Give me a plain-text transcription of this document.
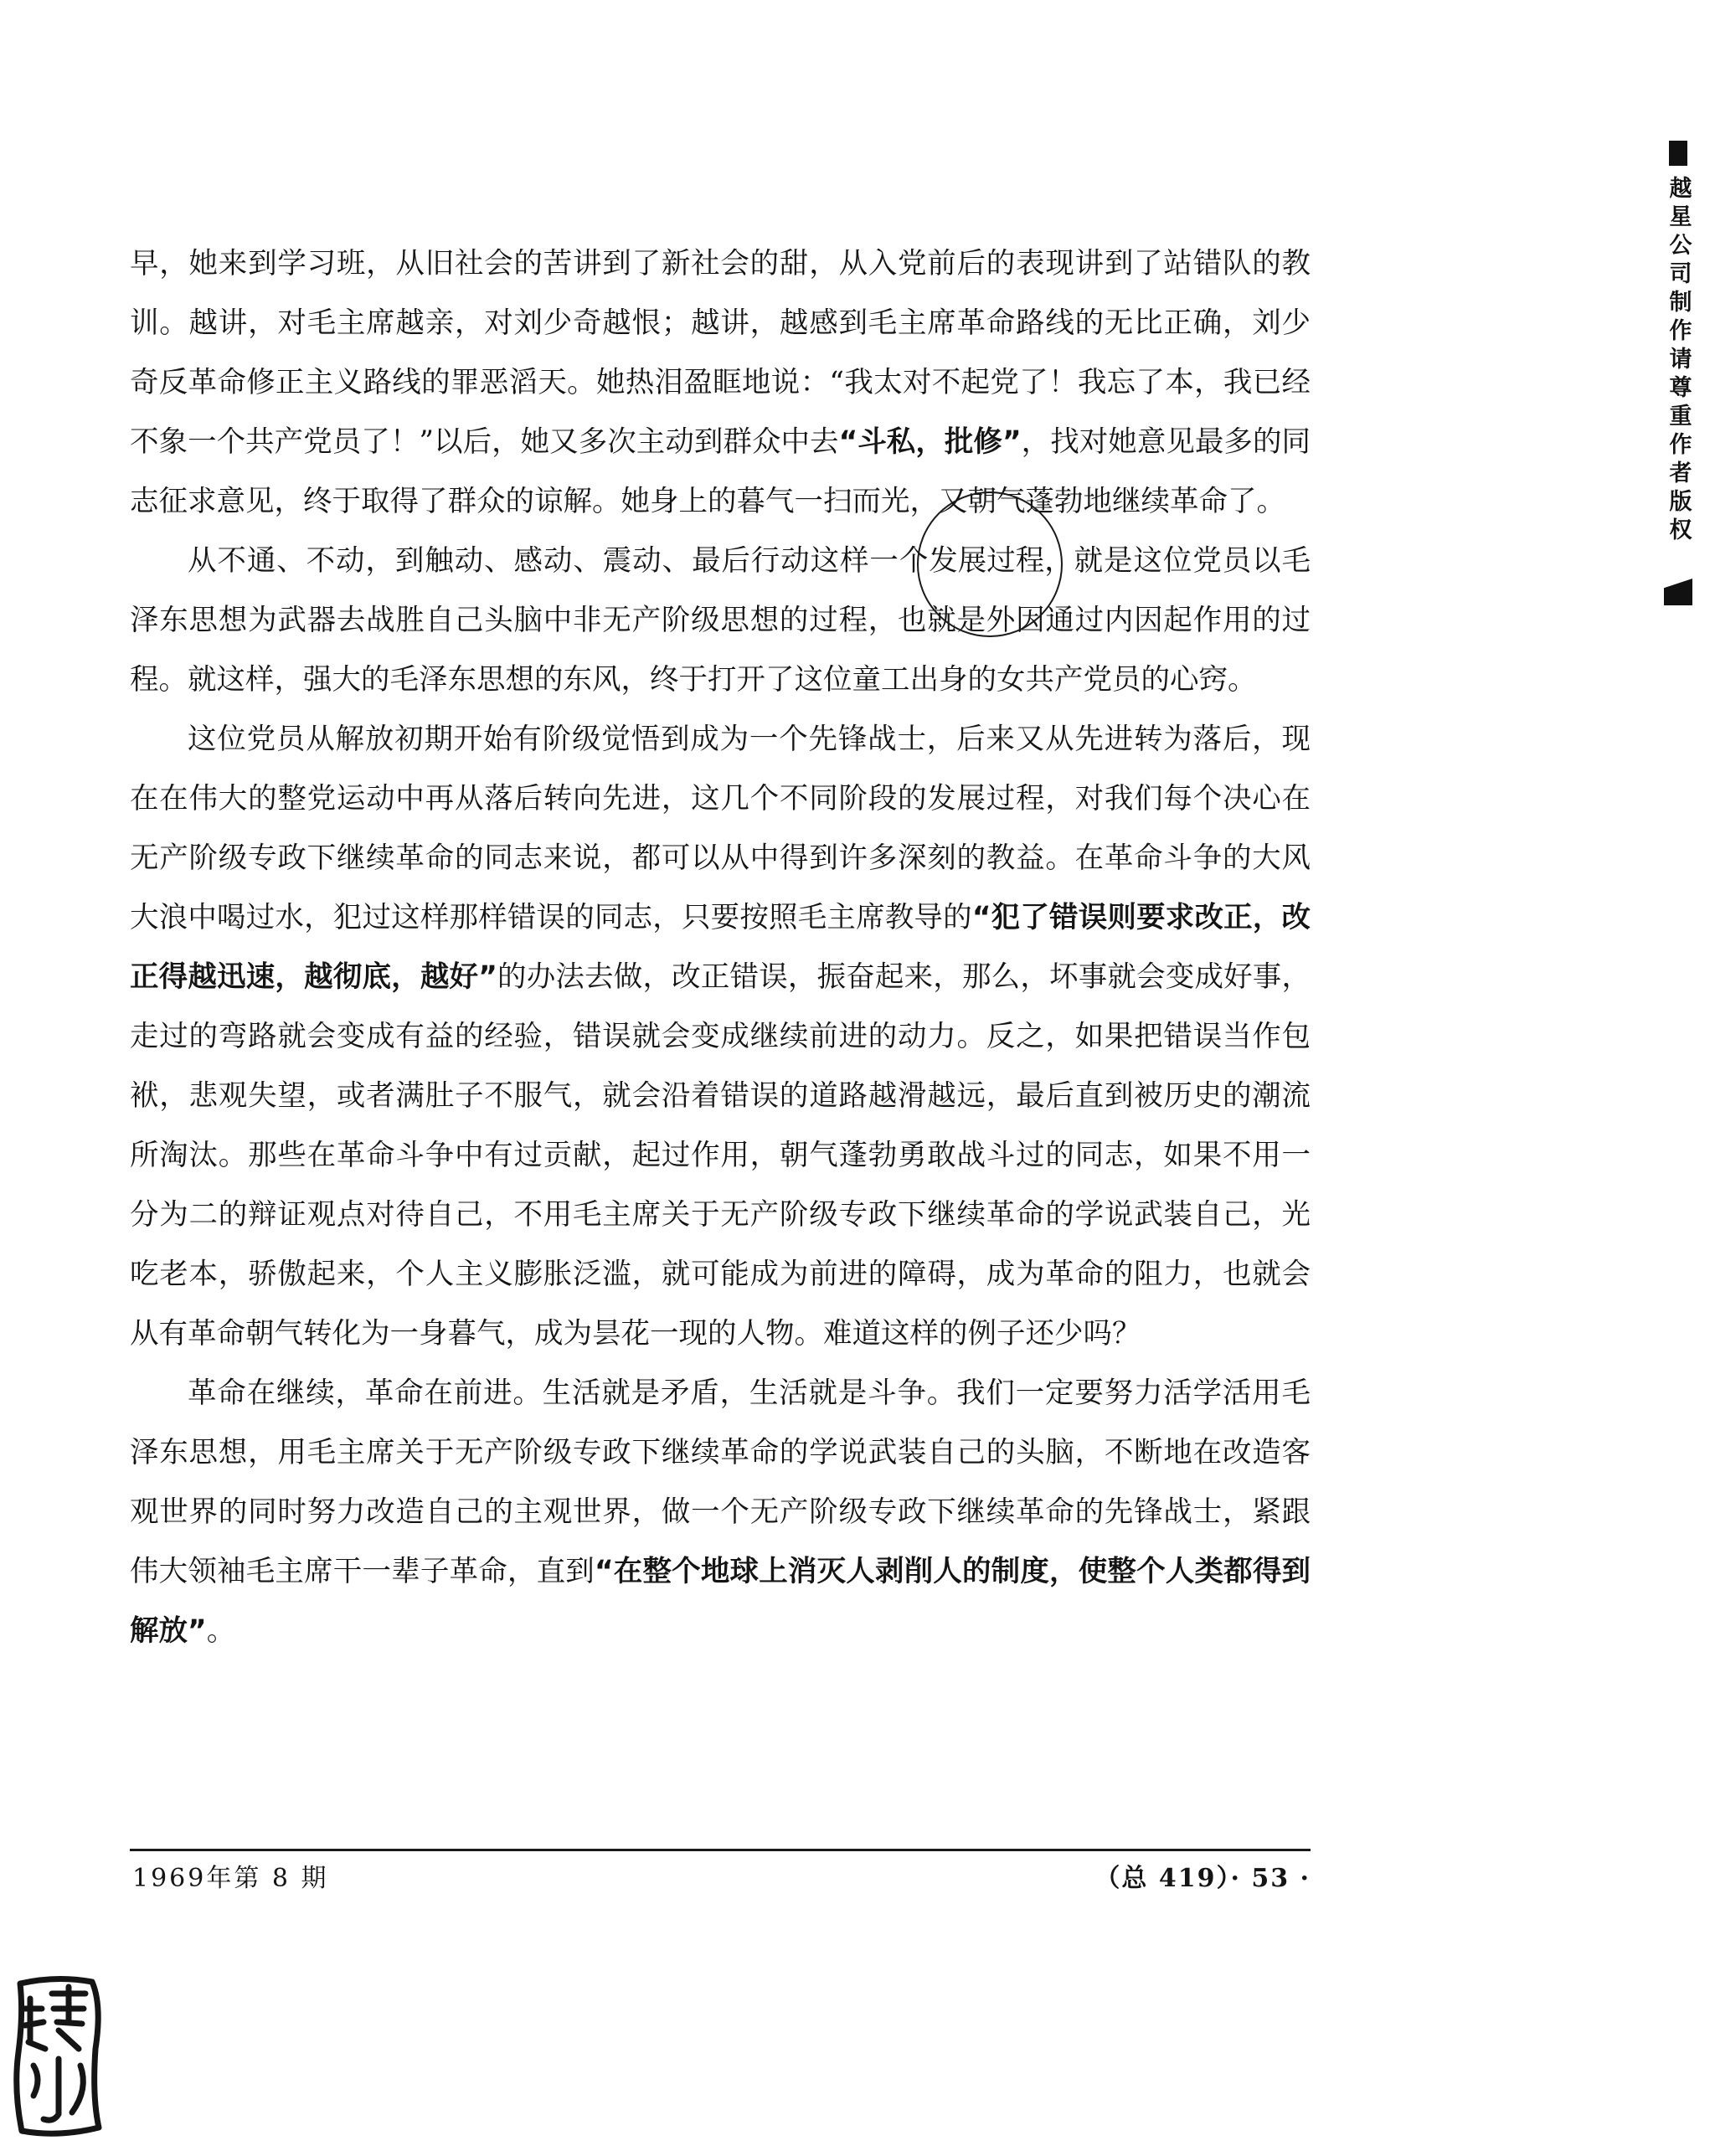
越星公司制作请尊重作者版权

早，她来到学习班，从旧社会的苦讲到了新社会的甜，从入党前后的表现讲到了站错队的教训。越讲，对毛主席越亲，对刘少奇越恨；越讲，越感到毛主席革命路线的无比正确，刘少奇反革命修正主义路线的罪恶滔天。她热泪盈眶地说：“我太对不起党了！我忘了本，我已经不象一个共产党员了！”以后，她又多次主动到群众中去“斗私，批修”，找对她意见最多的同志征求意见，终于取得了群众的谅解。她身上的暮气一扫而光，又朝气蓬勃地继续革命了。

从不通、不动，到触动、感动、震动、最后行动这样一个发展过程，就是这位党员以毛泽东思想为武器去战胜自己头脑中非无产阶级思想的过程，也就是外因通过内因起作用的过程。就这样，强大的毛泽东思想的东风，终于打开了这位童工出身的女共产党员的心窍。

这位党员从解放初期开始有阶级觉悟到成为一个先锋战士，后来又从先进转为落后，现在在伟大的整党运动中再从落后转向先进，这几个不同阶段的发展过程，对我们每个决心在无产阶级专政下继续革命的同志来说，都可以从中得到许多深刻的教益。在革命斗争的大风大浪中喝过水，犯过这样那样错误的同志，只要按照毛主席教导的“犯了错误则要求改正，改正得越迅速，越彻底，越好”的办法去做，改正错误，振奋起来，那么，坏事就会变成好事，走过的弯路就会变成有益的经验，错误就会变成继续前进的动力。反之，如果把错误当作包袱，悲观失望，或者满肚子不服气，就会沿着错误的道路越滑越远，最后直到被历史的潮流所淘汰。那些在革命斗争中有过贡献，起过作用，朝气蓬勃勇敢战斗过的同志，如果不用一分为二的辩证观点对待自己，不用毛主席关于无产阶级专政下继续革命的学说武装自己，光吃老本，骄傲起来，个人主义膨胀泛滥，就可能成为前进的障碍，成为革命的阻力，也就会从有革命朝气转化为一身暮气，成为昙花一现的人物。难道这样的例子还少吗？

革命在继续，革命在前进。生活就是矛盾，生活就是斗争。我们一定要努力活学活用毛泽东思想，用毛主席关于无产阶级专政下继续革命的学说武装自己的头脑，不断地在改造客观世界的同时努力改造自己的主观世界，做一个无产阶级专政下继续革命的先锋战士，紧跟伟大领袖毛主席干一辈子革命，直到“在整个地球上消灭人剥削人的制度，使整个人类都得到解放”。

1969年第 8 期	（总 419）· 53 ·
